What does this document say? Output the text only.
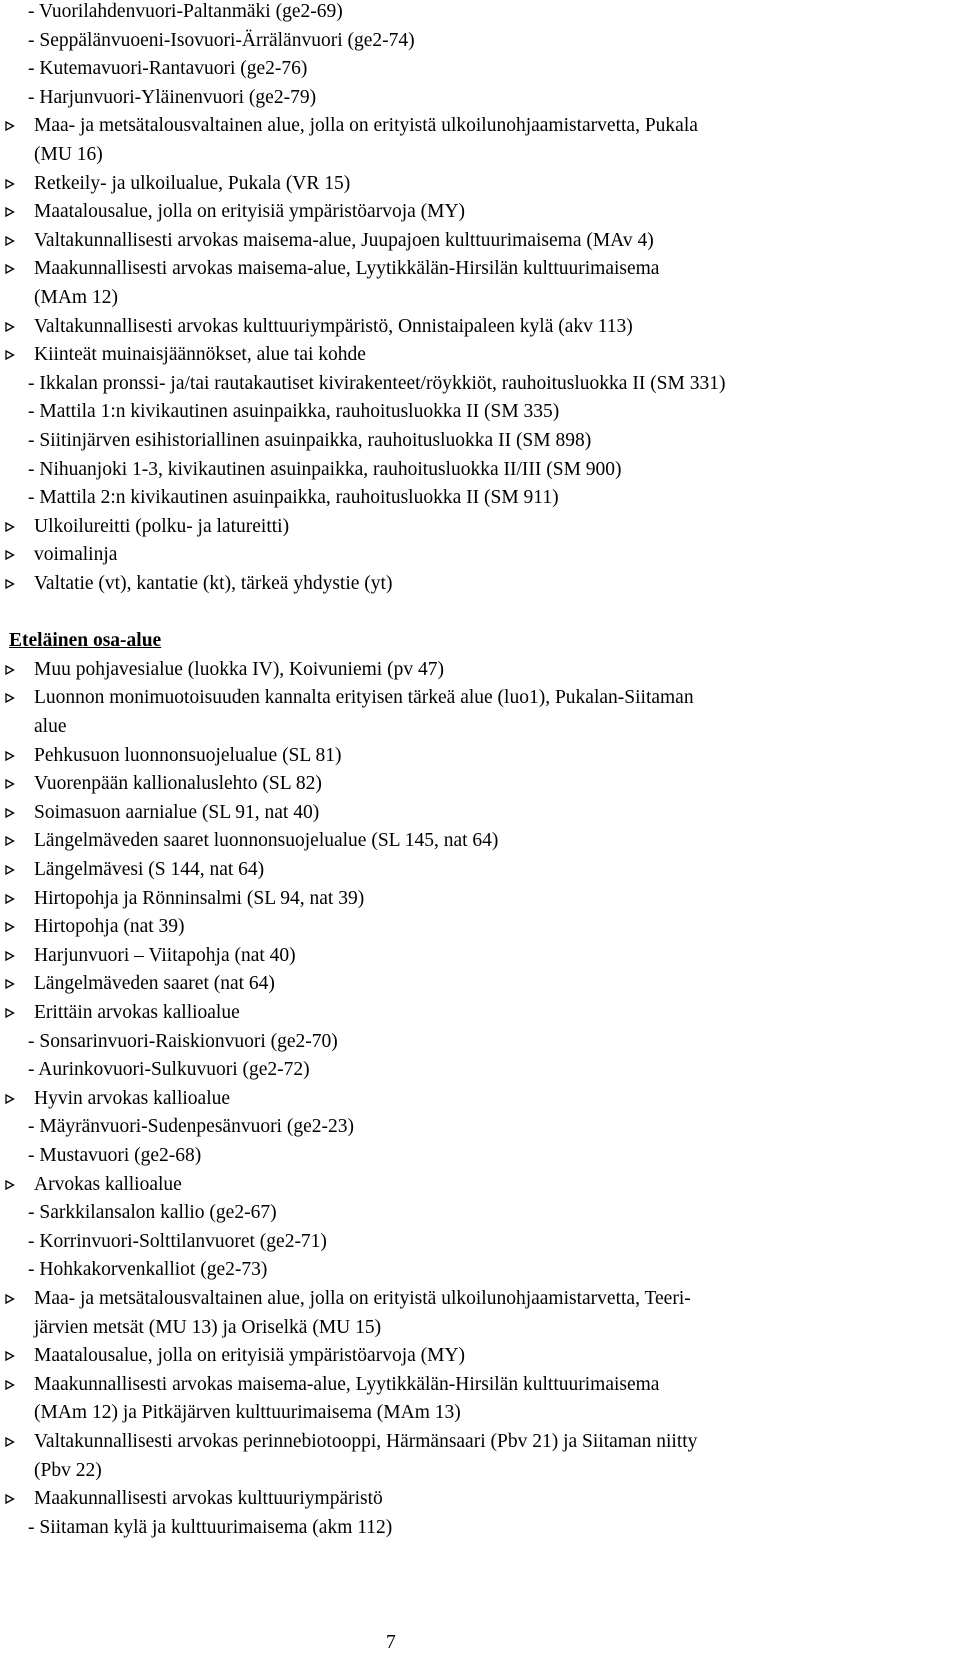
- Vuorilahdenvuori-Paltanmäki (ge2-69)
- Seppälänvuoeni-Isovuori-Ärrälänvuori (ge2-74)
- Kutemavuori-Rantavuori (ge2-76)
- Harjunvuori-Yläinenvuori (ge2-79)
Maa- ja metsätalousvaltainen alue, jolla on erityistä ulkoilunohjaamistarvetta, Pukala
(MU 16)
Retkeily- ja ulkoilualue, Pukala (VR 15)
Maatalousalue, jolla on erityisiä ympäristöarvoja (MY)
Valtakunnallisesti arvokas maisema-alue, Juupajoen kulttuurimaisema (MAv 4)
Maakunnallisesti arvokas maisema-alue, Lyytikkälän-Hirsilän kulttuurimaisema
(MAm 12)
Valtakunnallisesti arvokas kulttuuriympäristö, Onnistaipaleen kylä (akv 113)
Kiinteät muinaisjäännökset, alue tai kohde
- Ikkalan pronssi- ja/tai rautakautiset kivirakenteet/röykkiöt, rauhoitusluokka II (SM 331)
- Mattila 1:n kivikautinen asuinpaikka, rauhoitusluokka II (SM 335)
- Siitinjärven esihistoriallinen asuinpaikka, rauhoitusluokka II (SM 898)
- Nihuanjoki 1-3, kivikautinen asuinpaikka, rauhoitusluokka II/III (SM 900)
- Mattila 2:n kivikautinen asuinpaikka, rauhoitusluokka II (SM 911)
Ulkoilureitti (polku- ja latureitti)
voimalinja
Valtatie (vt), kantatie (kt), tärkeä yhdystie (yt)
Eteläinen osa-alue
Muu pohjavesialue (luokka IV), Koivuniemi (pv 47)
Luonnon monimuotoisuuden kannalta erityisen tärkeä alue (luo1), Pukalan-Siitaman
alue
Pehkusuon luonnonsuojelualue (SL 81)
Vuorenpään kallionaluslehto (SL 82)
Soimasuon aarnialue (SL 91, nat 40)
Längelmäveden saaret luonnonsuojelualue (SL 145, nat 64)
Längelmävesi (S 144, nat 64)
Hirtopohja ja Rönninsalmi (SL 94, nat 39)
Hirtopohja (nat 39)
Harjunvuori – Viitapohja (nat 40)
Längelmäveden saaret (nat 64)
Erittäin arvokas kallioalue
- Sonsarinvuori-Raiskionvuori (ge2-70)
- Aurinkovuori-Sulkuvuori (ge2-72)
Hyvin arvokas kallioalue
- Mäyränvuori-Sudenpesänvuori (ge2-23)
- Mustavuori (ge2-68)
Arvokas kallioalue
- Sarkkilansalon kallio (ge2-67)
- Korrinvuori-Solttilanvuoret (ge2-71)
- Hohkakorvenkalliot (ge2-73)
Maa- ja metsätalousvaltainen alue, jolla on erityistä ulkoilunohjaamistarvetta, Teeri-
järvien metsät (MU 13) ja Oriselkä (MU 15)
Maatalousalue, jolla on erityisiä ympäristöarvoja (MY)
Maakunnallisesti arvokas maisema-alue, Lyytikkälän-Hirsilän kulttuurimaisema
(MAm 12) ja Pitkäjärven kulttuurimaisema (MAm 13)
Valtakunnallisesti arvokas perinnebiotooppi, Härmänsaari (Pbv 21) ja Siitaman niitty
(Pbv 22)
Maakunnallisesti arvokas kulttuuriympäristö
- Siitaman kylä ja kulttuurimaisema (akm 112)
7
